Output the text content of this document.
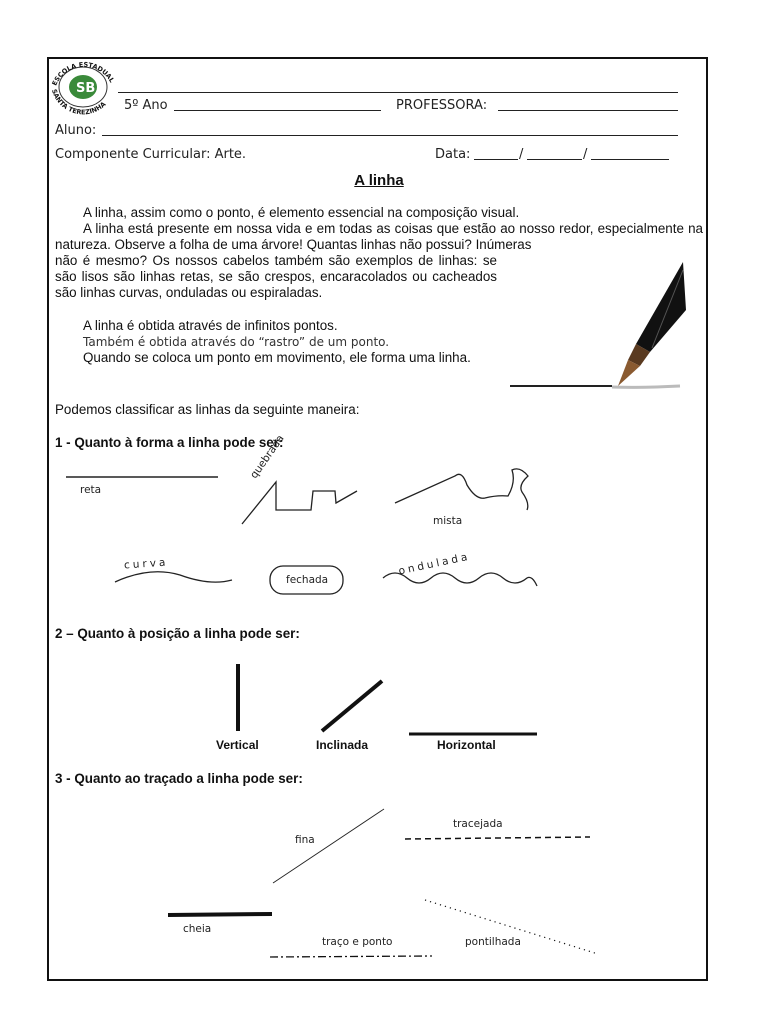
SB
ESCOLA ESTADUAL
SANTA TEREZINHA 5º Ano	PROFESSORA:
Aluno:
Componente Curricular: Arte.	Data:	/	/
A linha
A linha, assim como o ponto, é elemento essencial na composição visual.
A linha está presente em nossa vida e em todas as coisas que estão ao nosso redor, especialmente na natureza. Observe a folha de uma árvore! Quantas linhas não possui? Inúmeras
não é mesmo? Os nossos cabelos também são exemplos de linhas: se são lisos são linhas retas, se são crespos, encaracolados ou cacheados são linhas curvas, onduladas ou espiraladas.
A linha é obtida através de infinitos pontos.
Também é obtida através do “rastro” de um ponto.
Quando se coloca um ponto em movimento, ele forma uma linha.
Podemos classificar as linhas da seguinte maneira:
1 - Quanto à forma a linha pode ser:
reta
quebrada
mista
curva
fechada
ondulada
2 – Quanto à posição a linha pode ser:
Vertical	Inclinada	Horizontal
3 - Quanto ao traçado a linha pode ser:
fina
tracejada
cheia
traço e ponto	pontilhada
